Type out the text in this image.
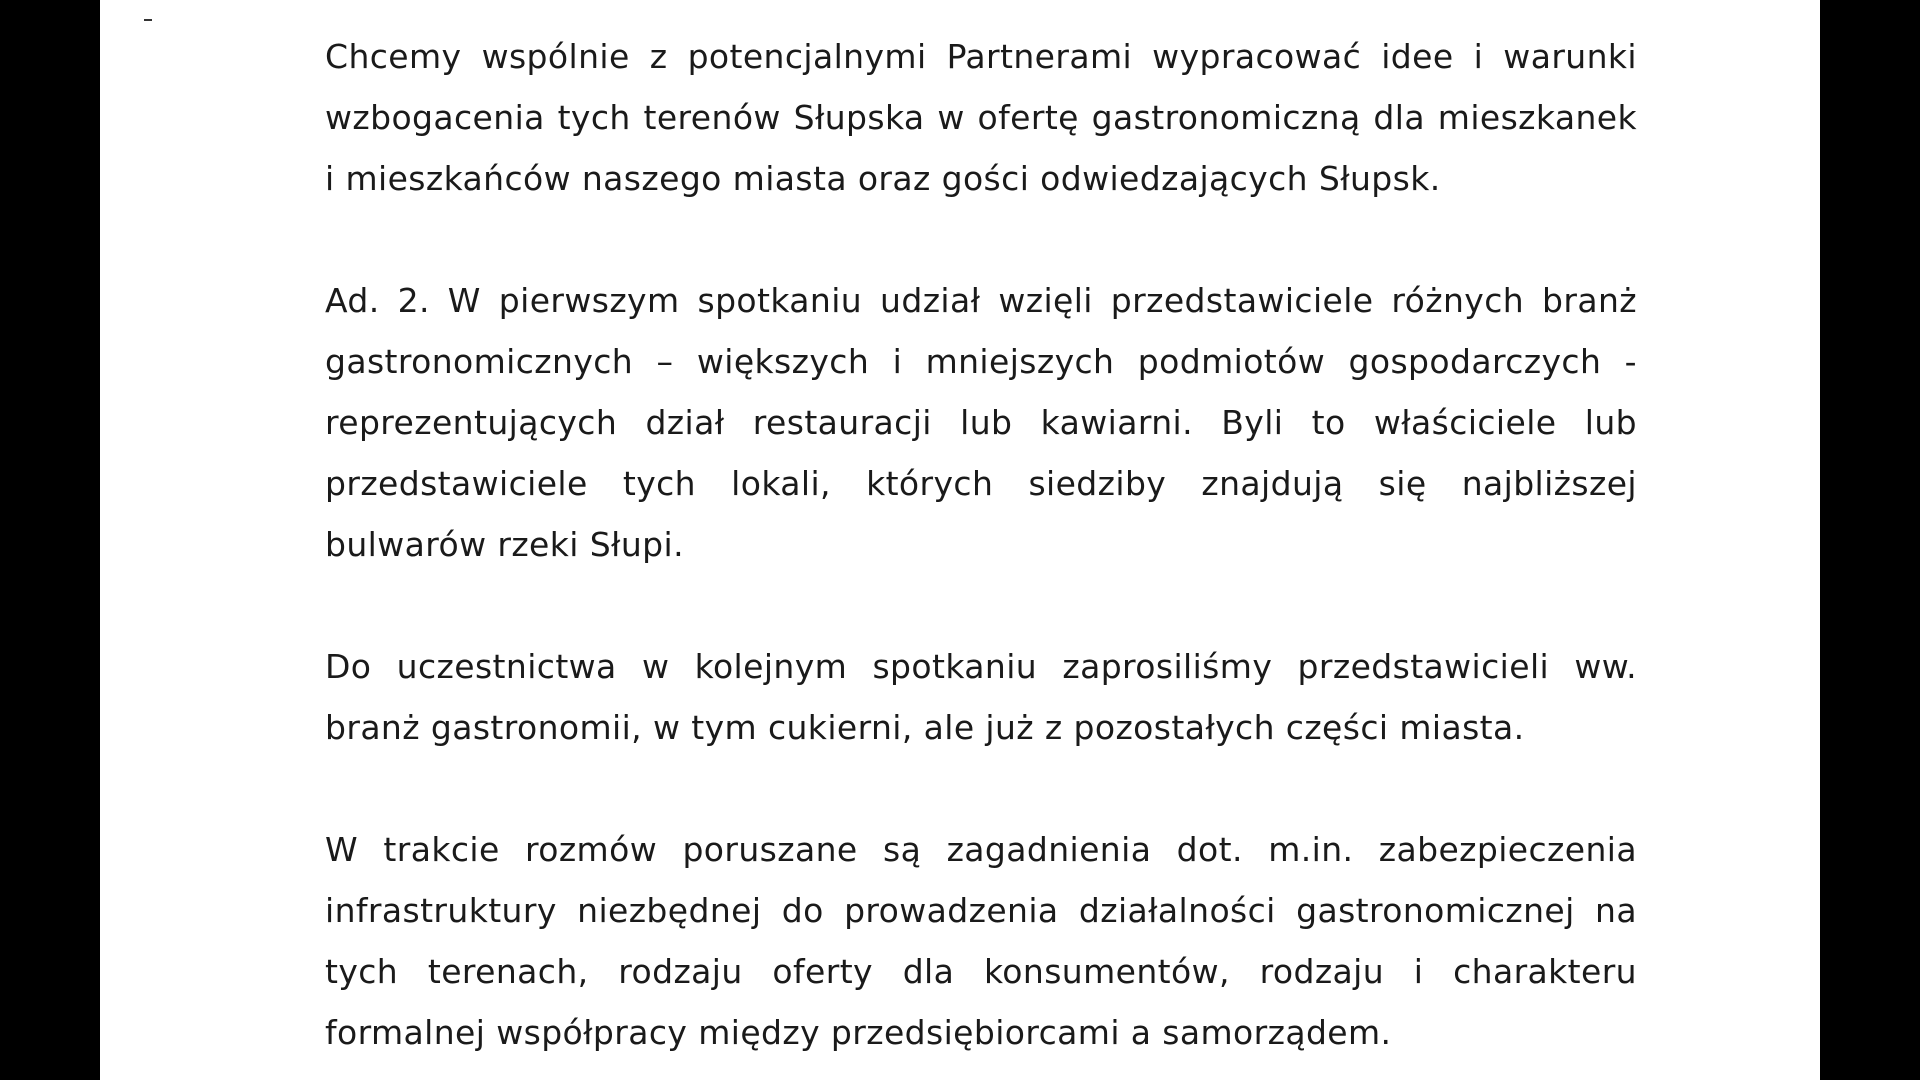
Chcemy wspólnie z potencjalnymi Partnerami wypracować idee i warunki wzbogacenia tych terenów Słupska w ofertę gastronomiczną dla mieszkanek i mieszkańców naszego miasta oraz gości odwiedzających Słupsk.

Ad. 2. W pierwszym spotkaniu udział wzięli przedstawiciele różnych branż gastronomicznych – większych i mniejszych podmiotów gospodarczych - reprezentujących dział restauracji lub kawiarni. Byli to właściciele lub przedstawiciele tych lokali, których siedziby znajdują się najbliższej bulwarów rzeki Słupi.

Do uczestnictwa w kolejnym spotkaniu zaprosiliśmy przedstawicieli ww. branż gastronomii, w tym cukierni, ale już z pozostałych części miasta.

W trakcie rozmów poruszane są zagadnienia dot. m.in. zabezpieczenia infrastruktury niezbędnej do prowadzenia działalności gastronomicznej na tych terenach, rodzaju oferty dla konsumentów, rodzaju i charakteru formalnej współpracy między przedsiębiorcami a samorządem.
